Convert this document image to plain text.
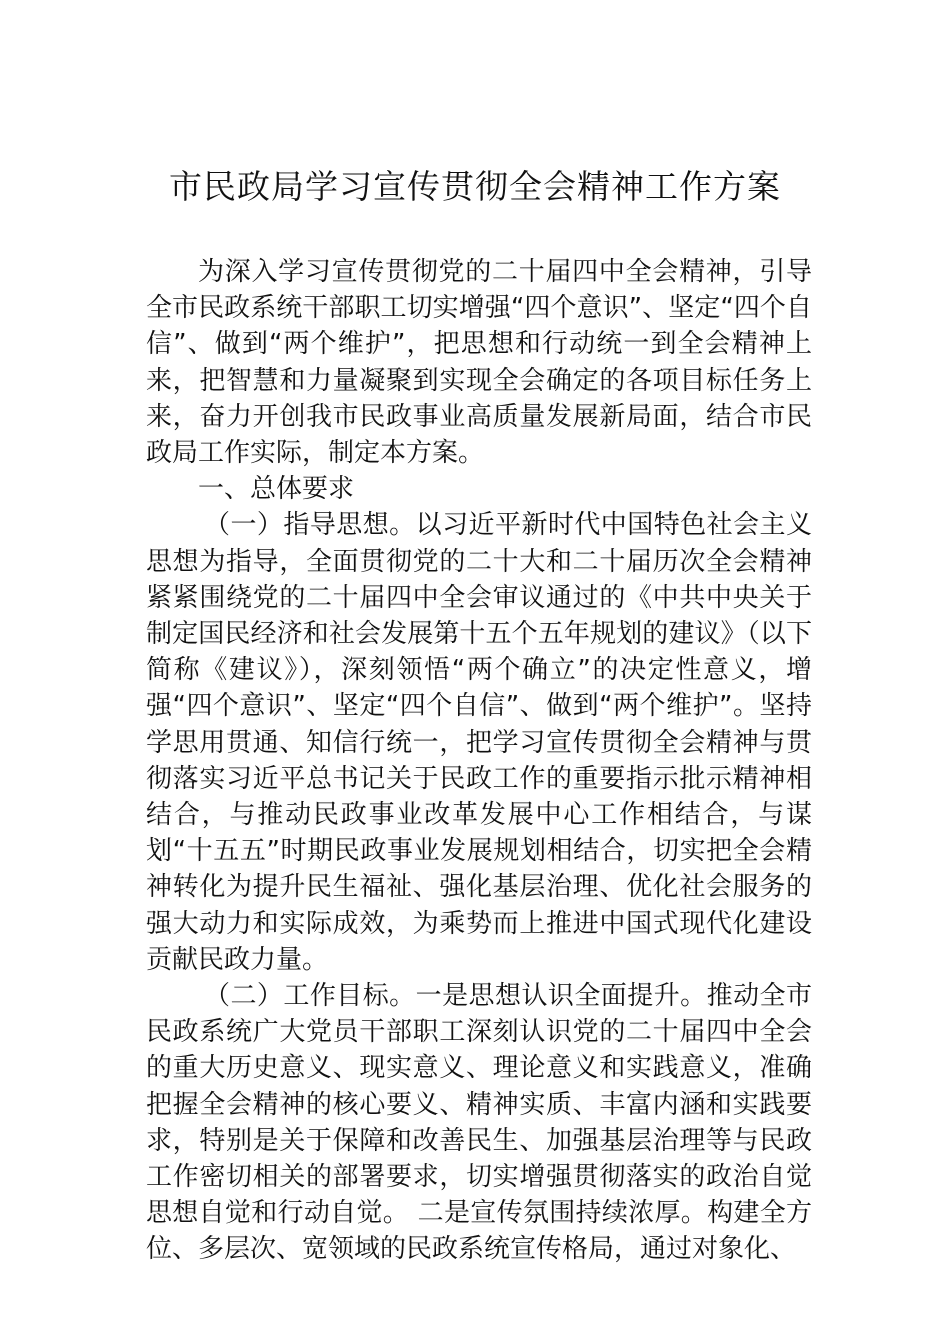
市民政局学习宣传贯彻全会精神工作方案

为深入学习宣传贯彻党的二十届四中全会精神，引导全市民政系统干部职工切实增强“四个意识”、坚定“四个自信”、做到“两个维护”，把思想和行动统一到全会精神上来，把智慧和力量凝聚到实现全会确定的各项目标任务上来，奋力开创我市民政事业高质量发展新局面，结合市民政局工作实际，制定本方案。

一、总体要求

（一）指导思想。以习近平新时代中国特色社会主义思想为指导，全面贯彻党的二十大和二十届历次全会精神紧紧围绕党的二十届四中全会审议通过的《中共中央关于制定国民经济和社会发展第十五个五年规划的建议》（以下简称《建议》），深刻领悟“两个确立”的决定性意义，增强“四个意识”、坚定“四个自信”、做到“两个维护”。坚持学思用贯通、知信行统一，把学习宣传贯彻全会精神与贯彻落实习近平总书记关于民政工作的重要指示批示精神相结合，与推动民政事业改革发展中心工作相结合，与谋划“十五五”时期民政事业发展规划相结合，切实把全会精神转化为提升民生福祉、强化基层治理、优化社会服务的强大动力和实际成效，为乘势而上推进中国式现代化建设贡献民政力量。

（二）工作目标。一是思想认识全面提升。推动全市民政系统广大党员干部职工深刻认识党的二十届四中全会的重大历史意义、现实意义、理论意义和实践意义，准确把握全会精神的核心要义、精神实质、丰富内涵和实践要求，特别是关于保障和改善民生、加强基层治理等与民政工作密切相关的部署要求，切实增强贯彻落实的政治自觉思想自觉和行动自觉。 二是宣传氛围持续浓厚。构建全方位、多层次、宽领域的民政系统宣传格局，通过对象化、
